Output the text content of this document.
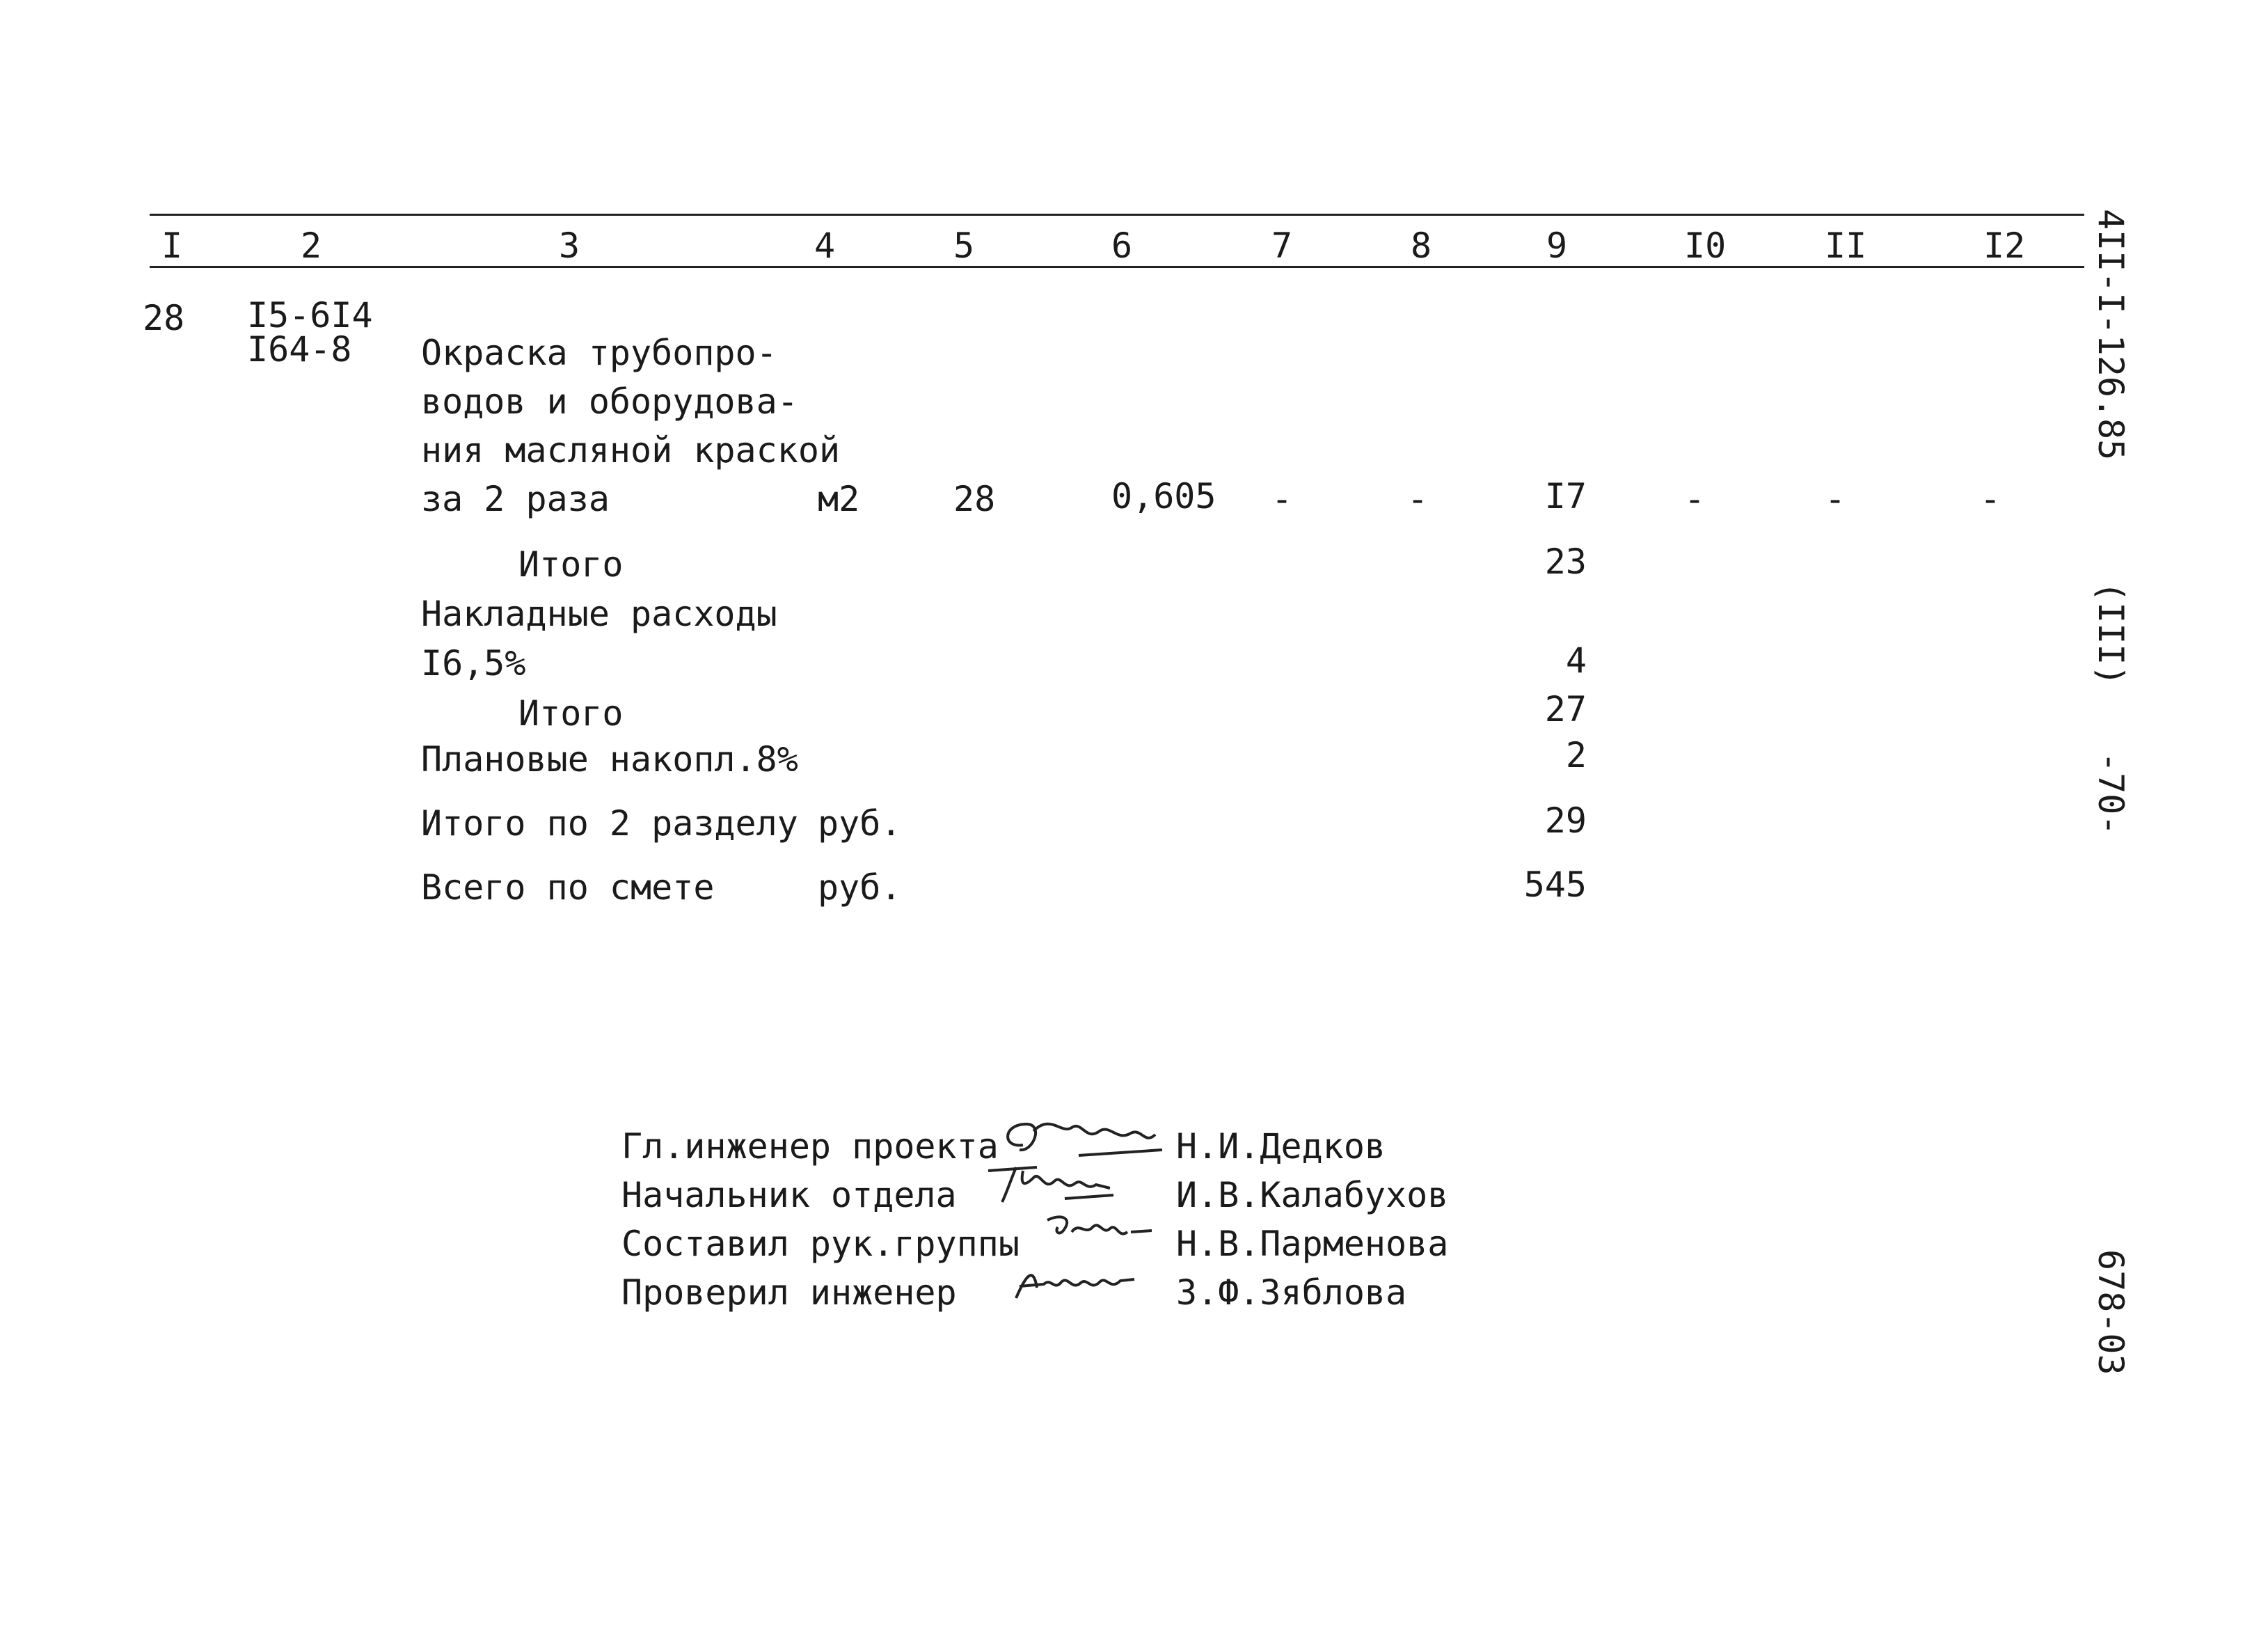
I	2	3	4	5	6	7	8	9	I0	II	I2
28 I5-6I4
I64-8 Окраска трубопро-
водов и оборудова-
ния масляной краской
за 2 раза	м2	28	0,605 -	-	I7	-	-	-
Итого	23
Накладные расходы
I6,5%	4
Итого	27
Плановые накопл.8%	2
Итого по 2 разделу руб.	29
Всего по смете	руб.	545
Гл.инженер проекта	Н.И.Дедков
Начальник отдела	И.В.Калабухов
Составил рук.группы	Н.В.Парменова
Проверил инженер	З.Ф.Зяблова
4II-I-126.85
(III)
-70-
678-03
